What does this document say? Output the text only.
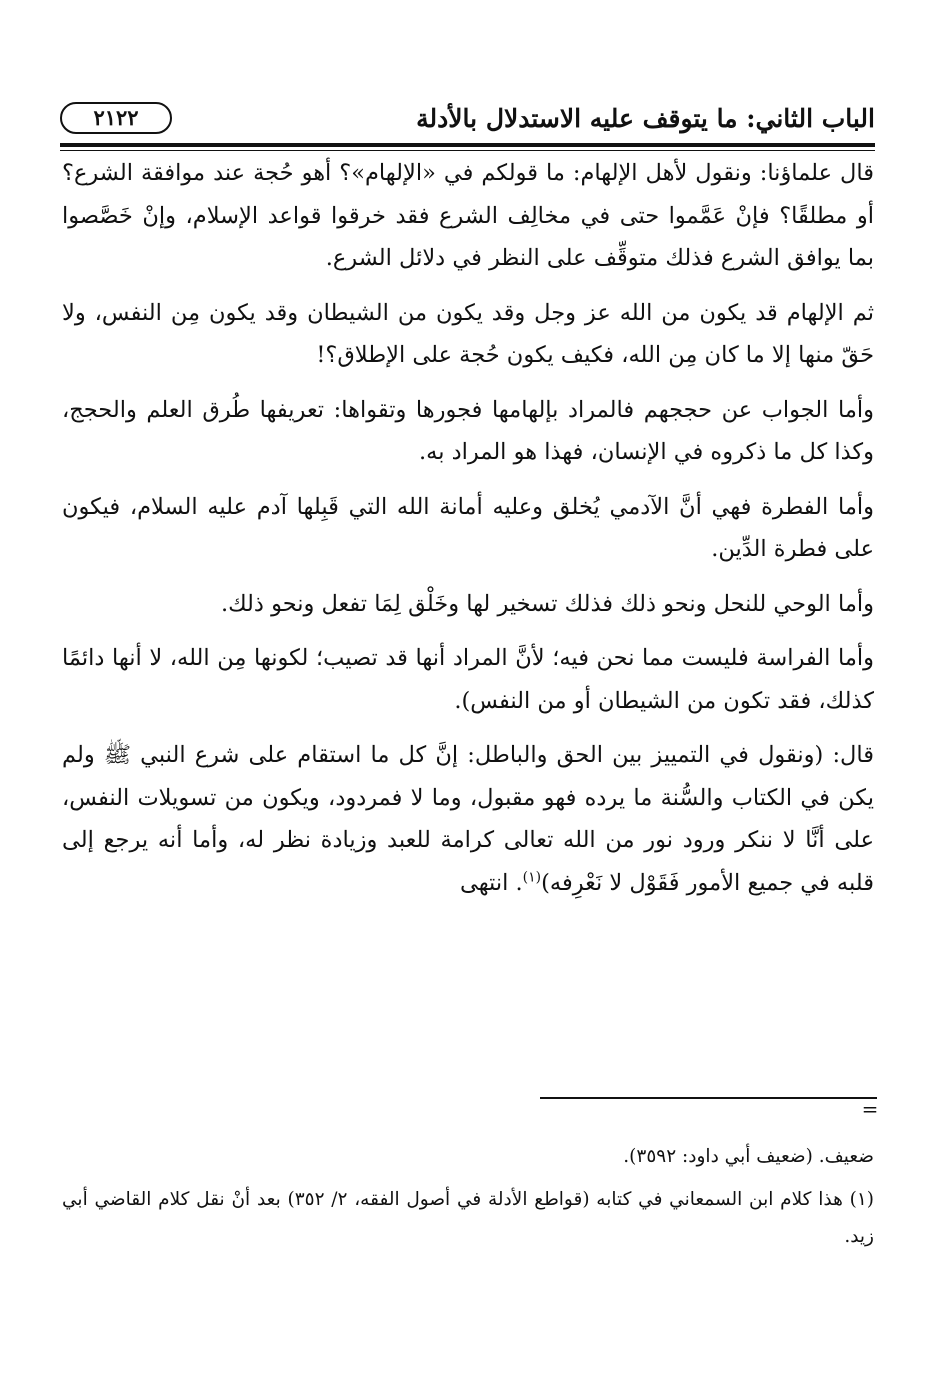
٢١٢٢	الباب الثاني: ما يتوقف عليه الاستدلال بالأدلة

قال علماؤنا: ونقول لأهل الإلهام: ما قولكم في «الإلهام»؟ أهو حُجة عند موافقة الشرع؟ أو مطلقًا؟ فإنْ عَمَّموا حتى في مخالِف الشرع فقد خرقوا قواعد الإسلام، وإنْ خَصَّصوا بما يوافق الشرع فذلك متوقِّف على النظر في دلائل الشرع.

ثم الإلهام قد يكون من الله عز وجل وقد يكون من الشيطان وقد يكون مِن النفس، ولا حَقّ منها إلا ما كان مِن الله، فكيف يكون حُجة على الإطلاق؟!

وأما الجواب عن حججهم فالمراد بإلهامها فجورها وتقواها: تعريفها طُرق العلم والحجج، وكذا كل ما ذكروه في الإنسان، فهذا هو المراد به.

وأما الفطرة فهي أنَّ الآدمي يُخلق وعليه أمانة الله التي قَبِلها آدم عليه السلام، فيكون على فطرة الدِّين.

وأما الوحي للنحل ونحو ذلك فذلك تسخير لها وخَلْق لِمَا تفعل ونحو ذلك.

وأما الفراسة فليست مما نحن فيه؛ لأنَّ المراد أنها قد تصيب؛ لكونها مِن الله، لا أنها دائمًا كذلك، فقد تكون من الشيطان أو من النفس).

قال: (ونقول في التمييز بين الحق والباطل: إنَّ كل ما استقام على شرع النبي ﷺ ولم يكن في الكتاب والسُّنة ما يرده فهو مقبول، وما لا فمردود، ويكون من تسويلات النفس، على أنَّا لا ننكر ورود نور من الله تعالى كرامة للعبد وزيادة نظر له، وأما أنه يرجع إلى قلبه في جميع الأمور فَقَوْل لا نَعْرِفه)$^{(١)}$. انتهى

=

ضعيف. (ضعيف أبي داود: ٣٥٩٢).

(١) هذا كلام ابن السمعاني في كتابه (قواطع الأدلة في أصول الفقه، ٢/ ٣٥٢) بعد أنْ نقل كلام القاضي أبي زيد.
